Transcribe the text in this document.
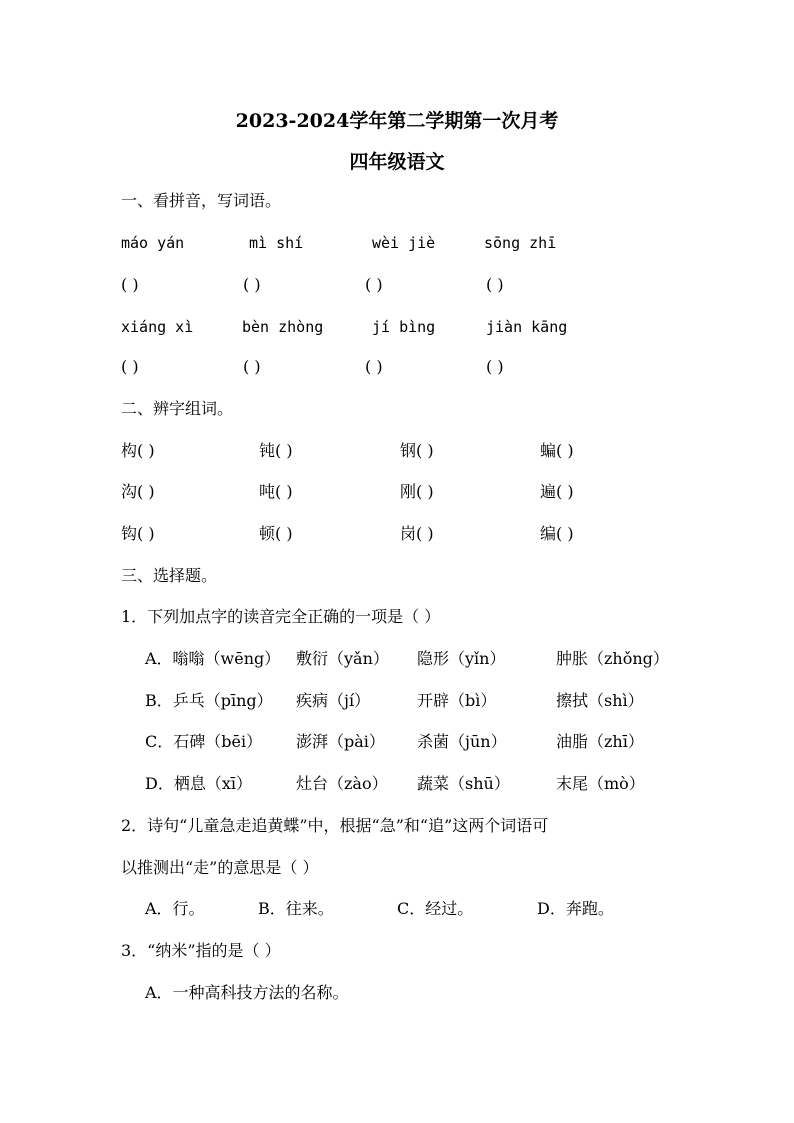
2023-2024学年第二学期第一次月考
四年级语文
一、看拼音，写词语。
máo yán	mì shí	wèi jiè	sōng zhī
( )	( )	( )	( )
xiáng xì	bèn zhòng	jí bìng	jiàn kāng
( )	( )	( )	( )
二、辨字组词。
构( )	钝( )	钢( )	蝙( )
沟( )	吨( )	刚( )	遍( )
钩( )	顿( )	岗( )	编( )
三、选择题。
1．下列加点字的读音完全正确的一项是（ ）
A．嗡嗡（wēng） 敷衍（yǎn） 隐形（yǐn）	肿胀（zhǒng）
B．乒乓（pīng） 疾病（jí）	开辟（bì）	擦拭（shì）
C．石碑（bēi） 澎湃（pài） 杀菌（jūn）	油脂（zhī）
D．栖息（xī）	灶台（zào） 蔬菜（shū）	末尾（mò）
2．诗句“儿童急走追黄蝶”中，根据“急”和“追”这两个词语可
以推测出“走”的意思是（ ）
A．行。	B．往来。	C．经过。	D．奔跑。
3．“纳米”指的是（ ）
A．一种高科技方法的名称。
